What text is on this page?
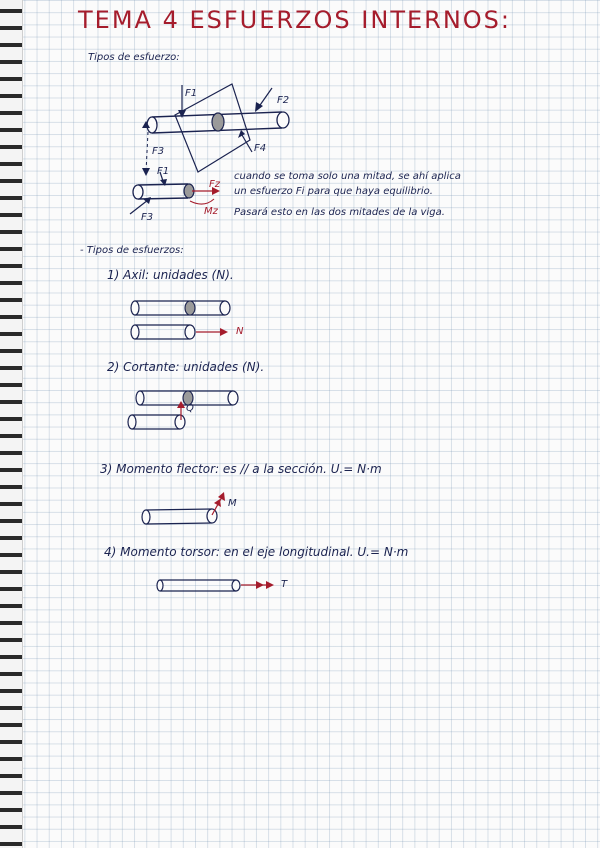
TEMA 4 ESFUERZOS INTERNOS:
Tipos de esfuerzo:
F1
F2
F3	F4
F1
Fz
F3
Mz
cuando se toma solo una mitad, se ahí aplica
un esfuerzo Fi para que haya equilibrio.
Pasará esto en las dos mitades de la viga.
- Tipos de esfuerzos:
1) Axil: unidades (N).
N
2) Cortante: unidades (N).
Q
3) Momento flector: es // a la sección. U.= N·m
M
4) Momento torsor: en el eje longitudinal. U.= N·m
T
